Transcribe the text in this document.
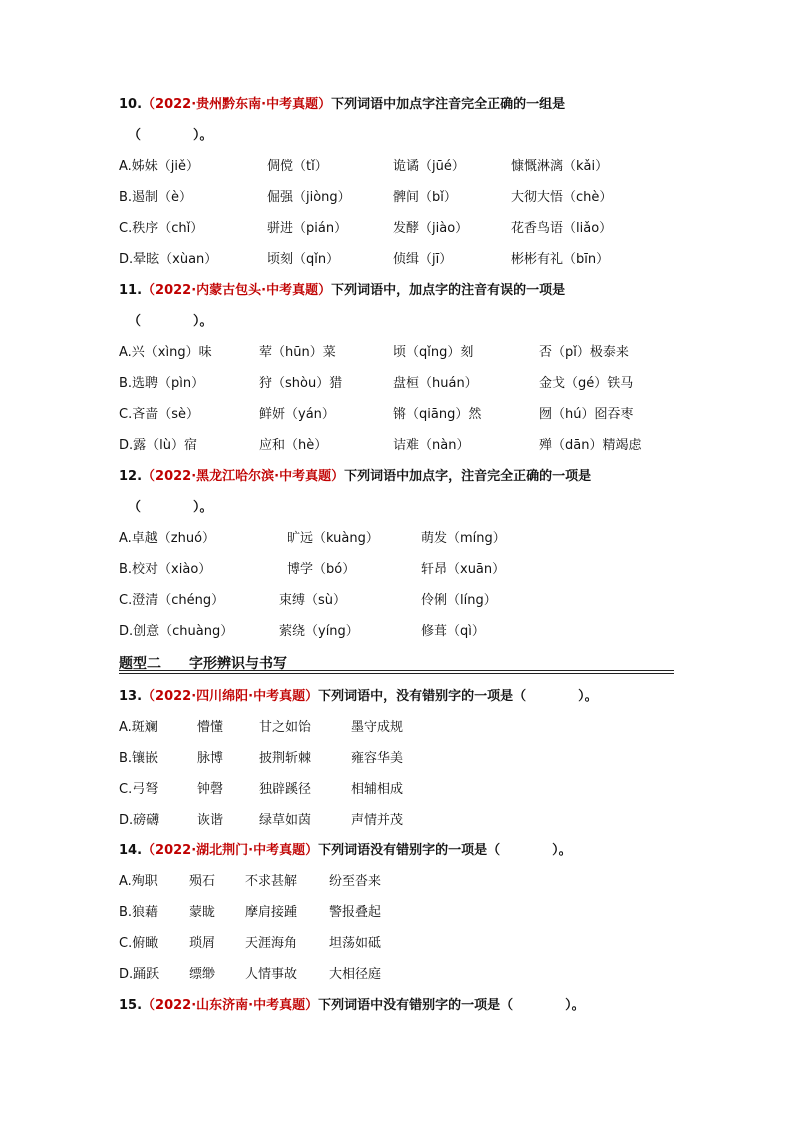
10.（2022·贵州黔东南·中考真题）下列词语中加点字注音完全正确的一组是
（　　　　）。
A.姊妹（jiě）	倜傥（tǐ）	诡谲（jūé）	慷慨淋漓（kǎi）
B.遏制（è）	倔强（jiòng）	髀间（bǐ）	大彻大悟（chè）
C.秩序（chǐ）	骈进（pián）	发酵（jiào）	花香鸟语（liǎo）
D.晕眩（xùan）	顷刻（qǐn）	侦缉（jī）	彬彬有礼（bīn）
11.（2022·内蒙古包头·中考真题）下列词语中，加点字的注音有误的一项是
（　　　　）。
A.兴（xìng）味	荤（hūn）菜	顷（qǐng）刻	否（pǐ）极泰来
B.选聘（pìn）	狩（shòu）猎	盘桓（huán）	金戈（gé）铁马
C.吝啬（sè）	鲜妍（yán）	锵（qiāng）然	囫（hú）囵吞枣
D.露（lù）宿	应和（hè）	诘难（nàn）	殚（dān）精竭虑
12.（2022·黑龙江哈尔滨·中考真题）下列词语中加点字，注音完全正确的一项是
（　　　　）。
A.卓越（zhuó）	旷远（kuàng）	萌发（míng）
B.校对（xiào）	博学（bó）	轩昂（xuān）
C.澄清（chéng）	束缚（sù）	伶俐（líng）
D.创意（chuàng）	萦绕（yíng）	修葺（qì）
题型二　　字形辨识与书写
13.（2022·四川绵阳·中考真题）下列词语中，没有错别字的一项是（　　　　）。
A.斑斓	懵懂	甘之如饴	墨守成规
B.镶嵌	脉博	披荆斩棘	雍容华美
C.弓弩	钟磬	独辟蹊径	相辅相成
D.磅礴	诙谐	绿草如茵	声情并茂
14.（2022·湖北荆门·中考真题）下列词语没有错别字的一项是（　　　　）。
A.殉职 殒石 不求甚解 纷至沓来
B.狼藉 蒙眬 摩肩接踵 警报叠起
C.俯瞰 琐屑 天涯海角 坦荡如砥
D.踊跃 缥缈 人情事故 大相径庭
15.（2022·山东济南·中考真题）下列词语中没有错别字的一项是（　　　　）。
